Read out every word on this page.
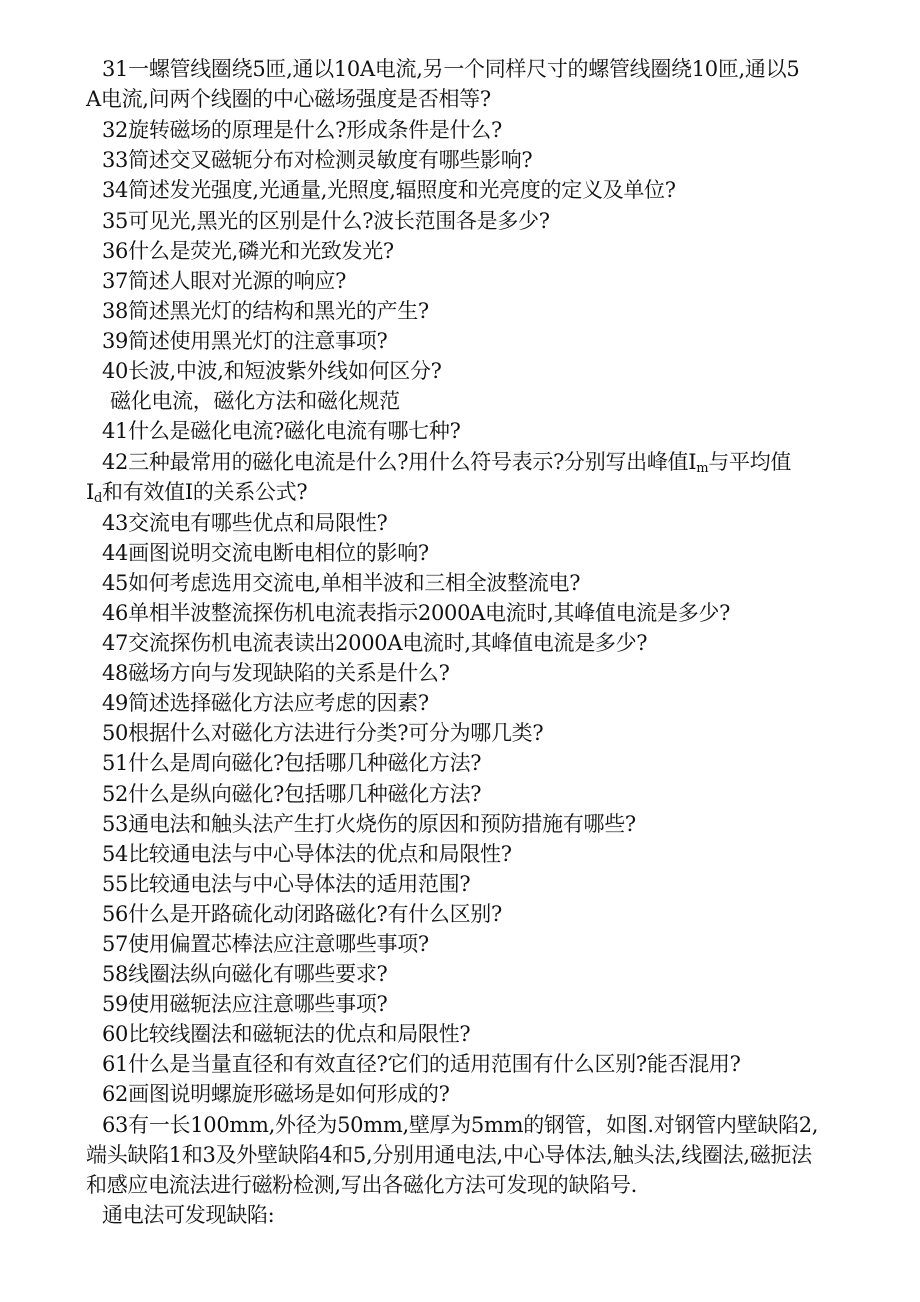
31一螺管线圈绕5匝,通以10A电流,另一个同样尺寸的螺管线圈绕10匝,通以5
A电流,问两个线圈的中心磁场强度是否相等?
32旋转磁场的原理是什么?形成条件是什么?
33简述交叉磁轭分布对检测灵敏度有哪些影响?
34简述发光强度,光通量,光照度,辐照度和光亮度的定义及单位?
35可见光,黑光的区别是什么?波长范围各是多少?
36什么是荧光,磷光和光致发光?
37简述人眼对光源的响应?
38简述黑光灯的结构和黑光的产生?
39简述使用黑光灯的注意事项?
40长波,中波,和短波紫外线如何区分?
磁化电流，磁化方法和磁化规范
41什么是磁化电流?磁化电流有哪七种?
42三种最常用的磁化电流是什么?用什么符号表示?分别写出峰值$I_m$与平均值
$I_d$和有效值I的关系公式?
43交流电有哪些优点和局限性?
44画图说明交流电断电相位的影响?
45如何考虑选用交流电,单相半波和三相全波整流电?
46单相半波整流探伤机电流表指示2000A电流时,其峰值电流是多少?
47交流探伤机电流表读出2000A电流时,其峰值电流是多少?
48磁场方向与发现缺陷的关系是什么?
49简述选择磁化方法应考虑的因素?
50根据什么对磁化方法进行分类?可分为哪几类?
51什么是周向磁化?包括哪几种磁化方法?
52什么是纵向磁化?包括哪几种磁化方法?
53通电法和触头法产生打火烧伤的原因和预防措施有哪些?
54比较通电法与中心导体法的优点和局限性?
55比较通电法与中心导体法的适用范围?
56什么是开路硫化动闭路磁化?有什么区别?
57使用偏置芯棒法应注意哪些事项?
58线圈法纵向磁化有哪些要求?
59使用磁轭法应注意哪些事项?
60比较线圈法和磁轭法的优点和局限性?
61什么是当量直径和有效直径?它们的适用范围有什么区别?能否混用?
62画图说明螺旋形磁场是如何形成的?
63有一长100mm,外径为50mm,壁厚为5mm的钢管，如图.对钢管内壁缺陷2,
端头缺陷1和3及外壁缺陷4和5,分别用通电法,中心导体法,触头法,线圈法,磁扼法
和感应电流法进行磁粉检测,写出各磁化方法可发现的缺陷号.
通电法可发现缺陷:
